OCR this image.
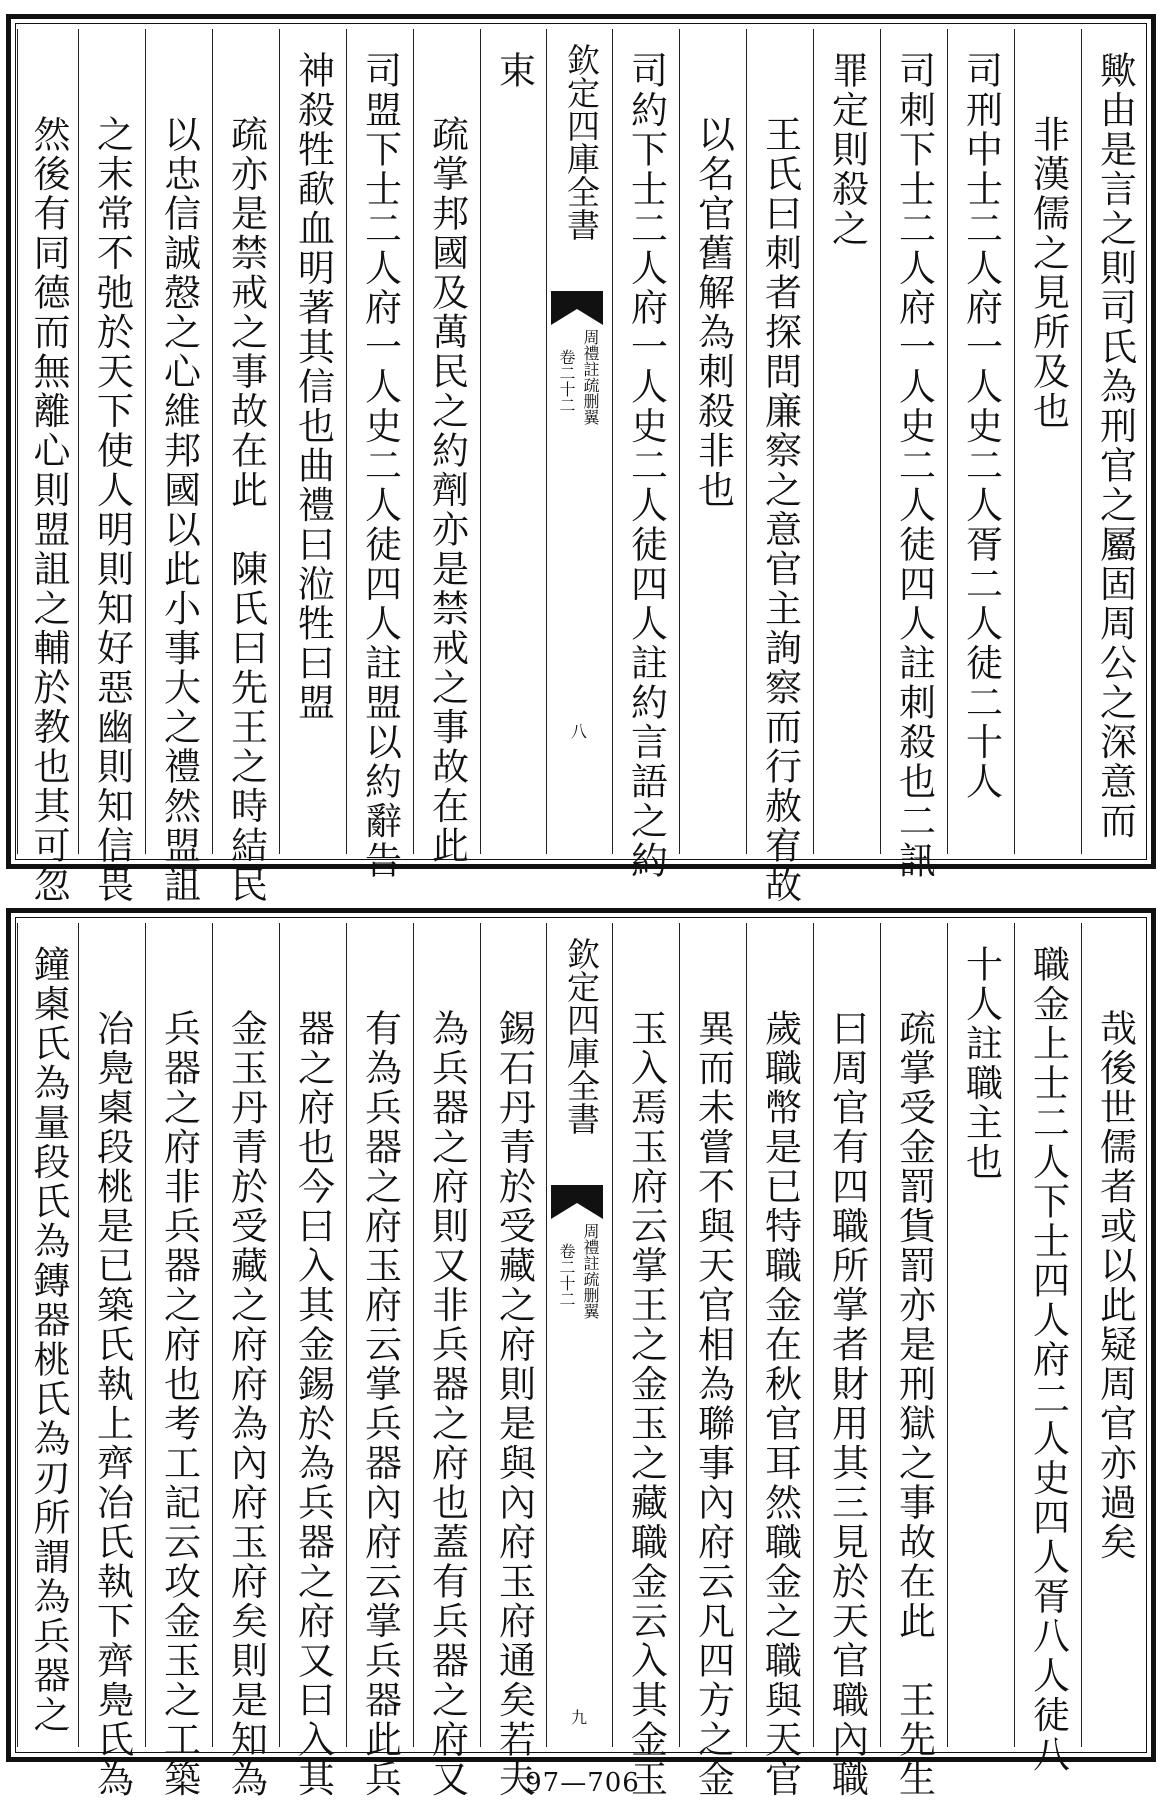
歟由是言之則司氏為刑官之屬固周公之深意而
非漢儒之見所及也
司刑中士二人府一人史二人胥二人徒二十人
司刺下士二人府一人史二人徒四人註刺殺也二訊
罪定則殺之
王氏曰刺者探問廉察之意官主詢察而行赦宥故
以名官舊解為刺殺非也
司約下士二人府一人史二人徒四人註約言語之約
欽定四庫全書
周禮註疏删翼
卷二十二
八
束
疏掌邦國及萬民之約劑亦是禁戒之事故在此
司盟下士二人府一人史二人徒四人註盟以約辭告
神殺牲歃血明著其信也曲禮曰涖牲曰盟
疏亦是禁戒之事故在此　陳氏曰先王之時結民
以忠信誠慤之心維邦國以此小事大之禮然盟詛
之末常不弛於天下使人明則知好惡幽則知信畏
然後有同德而無離心則盟詛之輔於教也其可忽
哉後世儒者或以此疑周官亦過矣
職金上士二人下士四人府二人史四人胥八人徒八
十人註職主也
疏掌受金罰貨罰亦是刑獄之事故在此　王先生
曰周官有四職所掌者財用其三見於天官職內職
歲職幣是已特職金在秋官耳然職金之職與天官
異而未嘗不與天官相為聯事內府云凡四方之金
玉入焉玉府云掌王之金玉之藏職金云入其金玉
欽定四庫全書
周禮註疏删翼
卷二十二
九
錫石丹青於受藏之府則是與內府玉府通矣若夫
為兵器之府則又非兵器之府也蓋有兵器之府又
有為兵器之府玉府云掌兵器內府云掌兵器此兵
器之府也今曰入其金錫於為兵器之府又曰入其
金玉丹青於受藏之府府為內府玉府矣則是知為
兵器之府非兵器之府也考工記云攻金玉之工築
冶鳧㮚段桃是已築氏執上齊冶氏執下齊鳧氏為
鐘㮚氏為量段氏為鏄器桃氏為刃所謂為兵器之
97—706
